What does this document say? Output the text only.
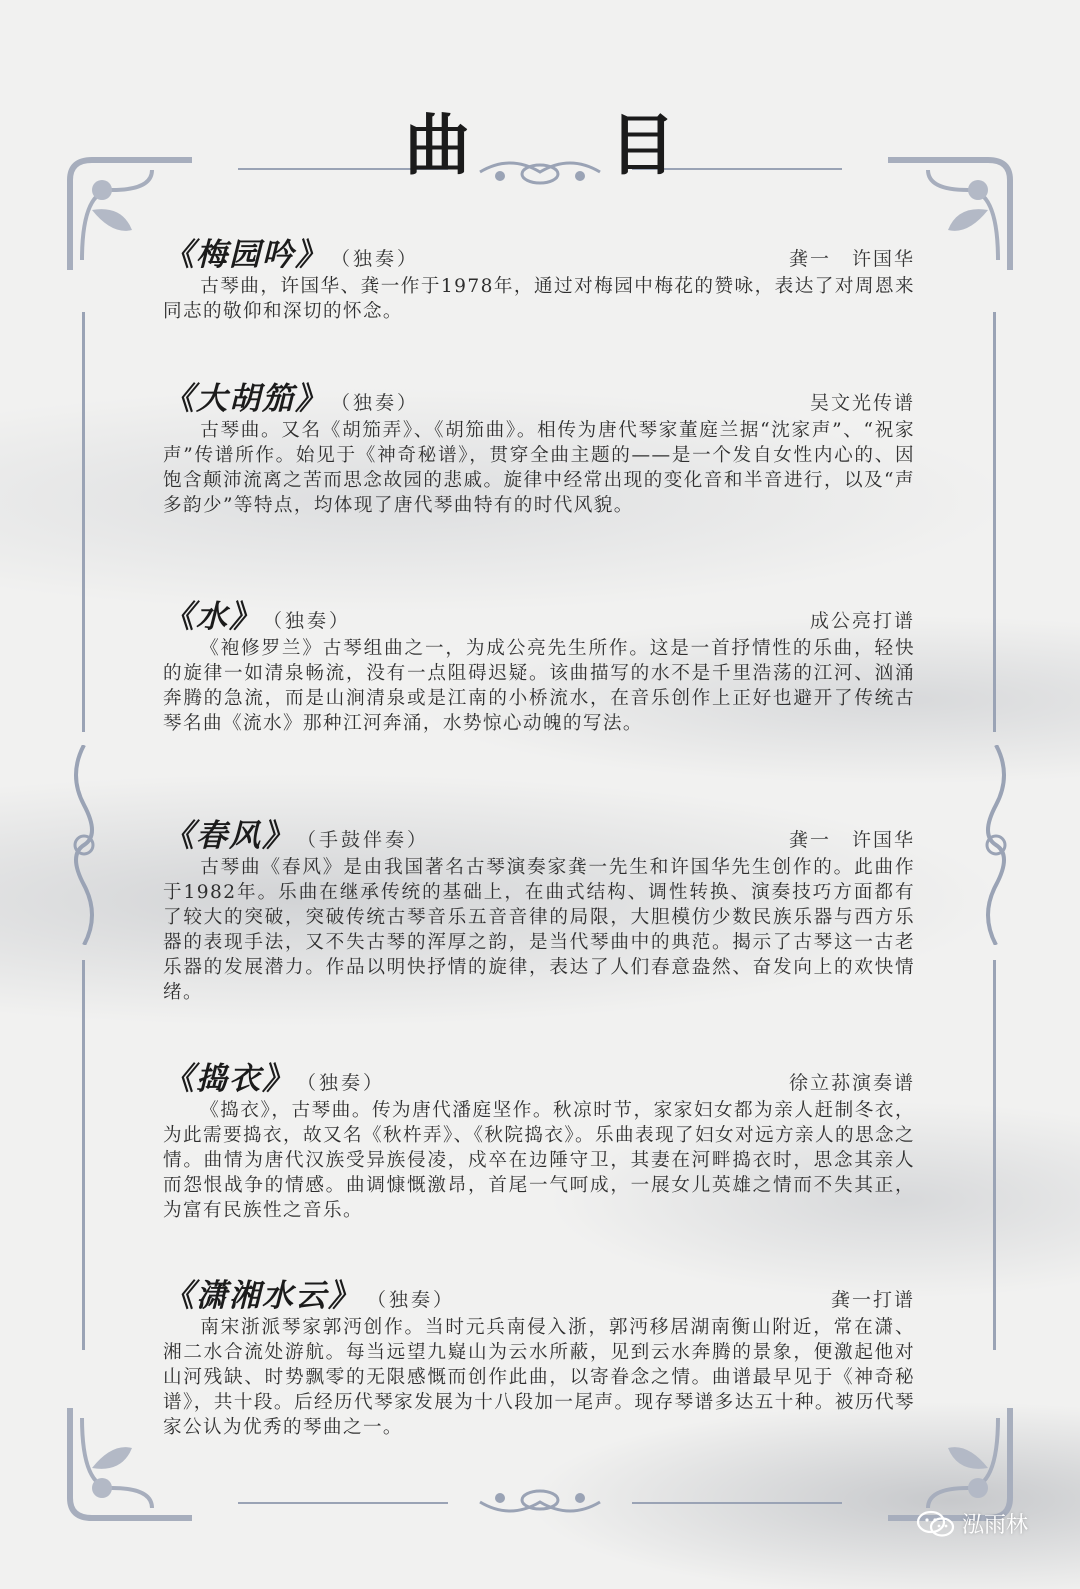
曲 目
《梅园吟》 （独奏）	龚一　许国华

古琴曲，许国华、龚一作于1978年，通过对梅园中梅花的赞咏，表达了对周恩来同志的敬仰和深切的怀念。

《大胡笳》 （独奏）	吴文光传谱

古琴曲。又名《胡笳弄》、《胡笳曲》。相传为唐代琴家董庭兰据“沈家声”、“祝家声”传谱所作。始见于《神奇秘谱》，贯穿全曲主题的——是一个发自女性内心的、因饱含颠沛流离之苦而思念故园的悲戚。旋律中经常出现的变化音和半音进行，以及“声多韵少”等特点，均体现了唐代琴曲特有的时代风貌。

《水》 （独奏）	成公亮打谱

《袍修罗兰》古琴组曲之一，为成公亮先生所作。这是一首抒情性的乐曲，轻快的旋律一如清泉畅流，没有一点阻碍迟疑。该曲描写的水不是千里浩荡的江河、汹涌奔腾的急流，而是山涧清泉或是江南的小桥流水，在音乐创作上正好也避开了传统古琴名曲《流水》那种江河奔涌，水势惊心动魄的写法。

《春风》 （手鼓伴奏）	龚一　许国华

古琴曲《春风》是由我国著名古琴演奏家龚一先生和许国华先生创作的。此曲作于1982年。乐曲在继承传统的基础上，在曲式结构、调性转换、演奏技巧方面都有了较大的突破，突破传统古琴音乐五音音律的局限，大胆模仿少数民族乐器与西方乐器的表现手法，又不失古琴的浑厚之韵，是当代琴曲中的典范。揭示了古琴这一古老乐器的发展潜力。作品以明快抒情的旋律，表达了人们春意盎然、奋发向上的欢快情绪。

《捣衣》 （独奏）	徐立荪演奏谱

《捣衣》，古琴曲。传为唐代潘庭坚作。秋凉时节，家家妇女都为亲人赶制冬衣，为此需要捣衣，故又名《秋杵弄》、《秋院捣衣》。乐曲表现了妇女对远方亲人的思念之情。曲情为唐代汉族受异族侵凌，戍卒在边陲守卫，其妻在河畔捣衣时，思念其亲人而怨恨战争的情感。曲调慷慨激昂，首尾一气呵成，一展女儿英雄之情而不失其正，为富有民族性之音乐。

《潇湘水云》 （独奏）	龚一打谱

南宋浙派琴家郭沔创作。当时元兵南侵入浙，郭沔移居湖南衡山附近，常在潇、湘二水合流处游航。每当远望九嶷山为云水所蔽，见到云水奔腾的景象，便激起他对山河残缺、时势飘零的无限感慨而创作此曲，以寄眷念之情。曲谱最早见于《神奇秘谱》，共十段。后经历代琴家发展为十八段加一尾声。现存琴谱多达五十种。被历代琴家公认为优秀的琴曲之一。

泓雨林
